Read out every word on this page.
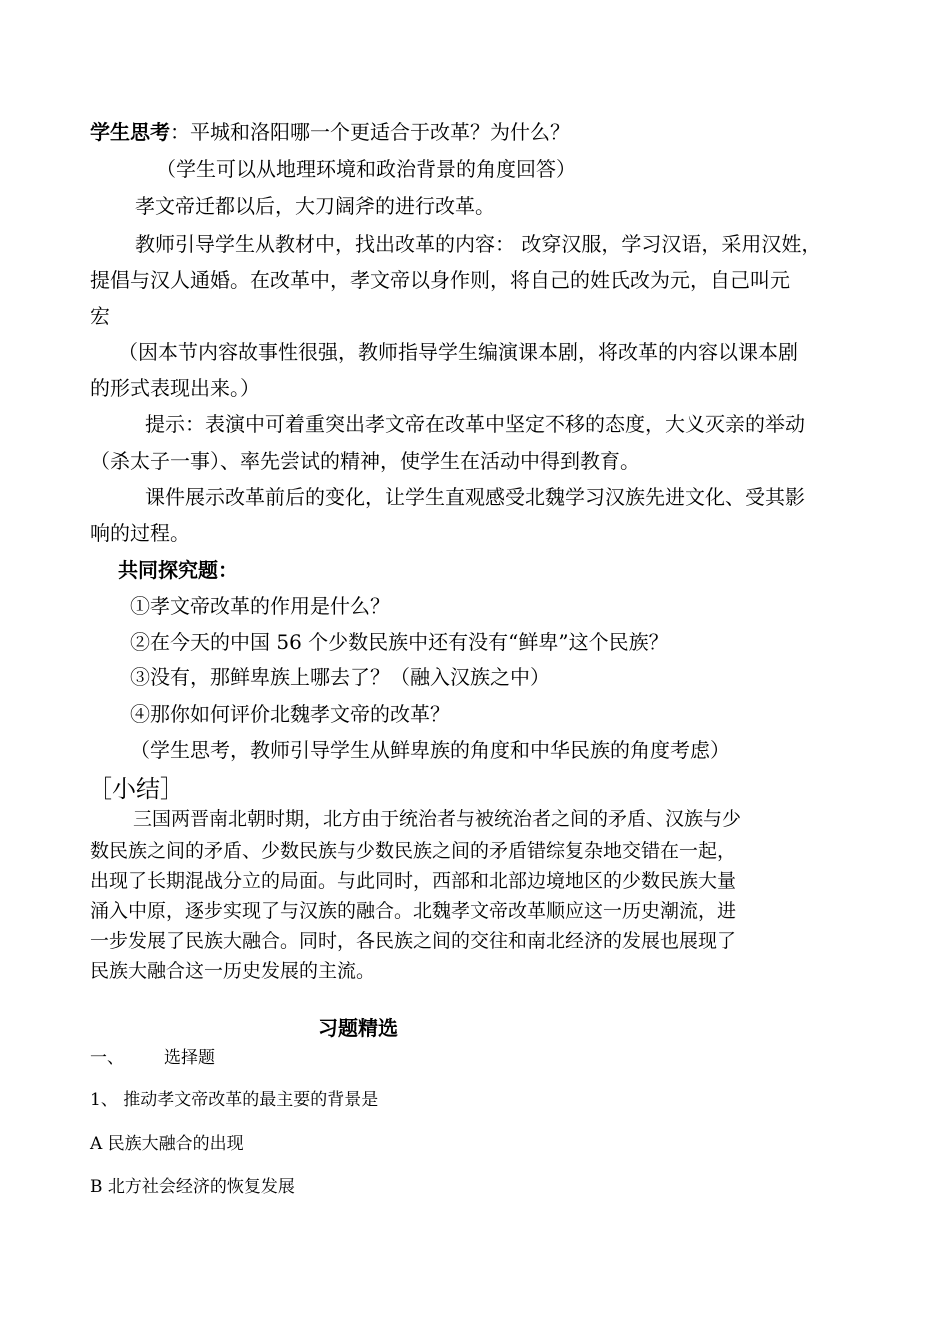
学生思考：平城和洛阳哪一个更适合于改革？为什么？
（学生可以从地理环境和政治背景的角度回答）
孝文帝迁都以后，大刀阔斧的进行改革。
教师引导学生从教材中，找出改革的内容： 改穿汉服，学习汉语，采用汉姓，
提倡与汉人通婚。在改革中，孝文帝以身作则，将自己的姓氏改为元，自己叫元
宏
（因本节内容故事性很强，教师指导学生编演课本剧，将改革的内容以课本剧
的形式表现出来。）
提示：表演中可着重突出孝文帝在改革中坚定不移的态度，大义灭亲的举动
（杀太子一事）、率先尝试的精神，使学生在活动中得到教育。
课件展示改革前后的变化，让学生直观感受北魏学习汉族先进文化、受其影
响的过程。
共同探究题：
①孝文帝改革的作用是什么？
②在今天的中国 56 个少数民族中还有没有“鲜卑”这个民族？
③没有，那鲜卑族上哪去了？（融入汉族之中）
④那你如何评价北魏孝文帝的改革？
（学生思考，教师引导学生从鲜卑族的角度和中华民族的角度考虑）
［小结］
三国两晋南北朝时期，北方由于统治者与被统治者之间的矛盾、汉族与少
数民族之间的矛盾、少数民族与少数民族之间的矛盾错综复杂地交错在一起，
出现了长期混战分立的局面。与此同时，西部和北部边境地区的少数民族大量
涌入中原，逐步实现了与汉族的融合。北魏孝文帝改革顺应这一历史潮流，进
一步发展了民族大融合。同时，各民族之间的交往和南北经济的发展也展现了
民族大融合这一历史发展的主流。
习题精选
一、 选择题
1、 推动孝文帝改革的最主要的背景是
A 民族大融合的出现
B 北方社会经济的恢复发展
